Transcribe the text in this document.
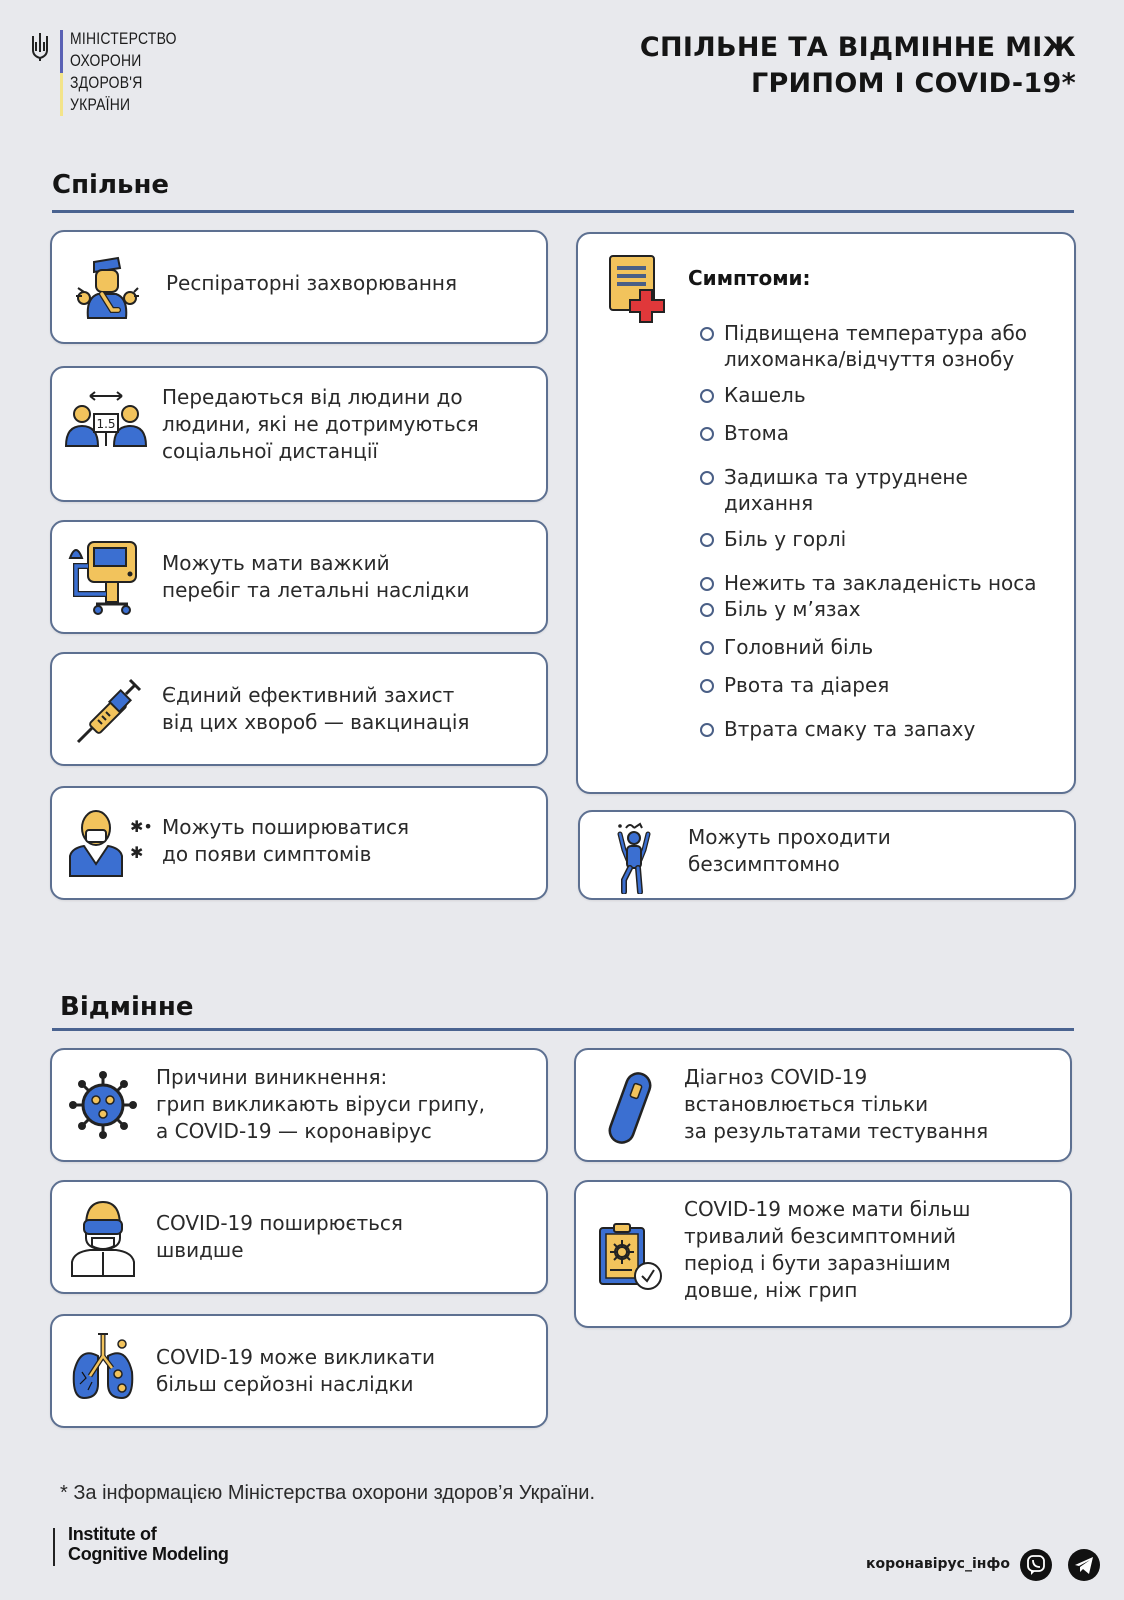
МІНІСТЕРСТВО
ОХОРОНИ
ЗДОРОВ'Я
УКРАЇНИ
СПІЛЬНЕ ТА ВІДМІННЕ МІЖ
ГРИПОМ І COVID-19*
Спільне
Респіраторні захворювання
1.5
Передаються від людини до
людини, які не дотримуються
соціальної дистанції
Можуть мати важкий
перебіг та летальні наслідки
Єдиний ефективний захист
від цих хвороб — вакцинація
✱•
✱
Можуть поширюватися
до появи симптомів
Симптоми:
Підвищена температура або
лихоманка/відчуття ознобу
Кашель
Втома
Задишка та утруднене
дихання
Біль у горлі
Нежить та закладеність носа
Біль у м’язах
Головний біль
Рвота та діарея
Втрата смаку та запаху
Можуть проходити
безсимптомно
Відмінне
Причини виникнення:
грип викликають віруси грипу,
а COVID-19 — коронавірус
COVID-19 поширюється
швидше
COVID-19 може викликати
більш серйозні наслідки
Діагноз COVID-19
встановлюється тільки
за результатами тестування
COVID-19 може мати більш
тривалий безсимптомний
період і бути заразнішим
довше, ніж грип
* За інформацією Міністерства охорони здоров’я України.
Institute of
Cognitive Modeling	коронавірус_інфо
